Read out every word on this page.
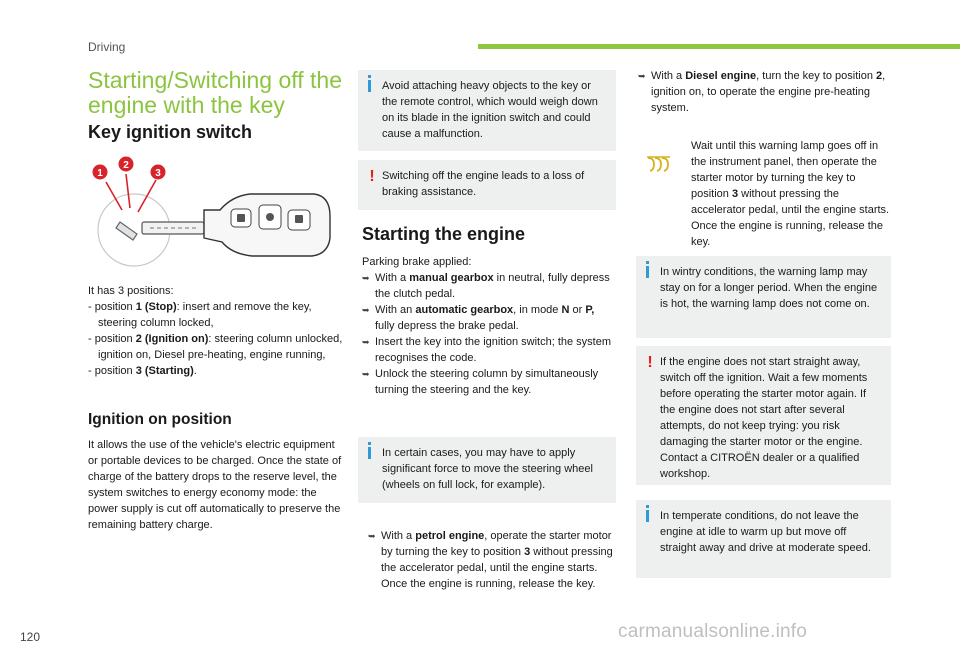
Driving
Starting/Switching off the engine with the key
Key ignition switch
1
2
3
It has 3 positions:
- position 1 (Stop): insert and remove the key, steering column locked,
- position 2 (Ignition on): steering column unlocked, ignition on, Diesel pre-heating, engine running,
- position 3 (Starting).
Ignition on position
It allows the use of the vehicle's electric equipment or portable devices to be charged. Once the state of charge of the battery drops to the reserve level, the system switches to energy economy mode: the power supply is cut off automatically to preserve the remaining battery charge.
Avoid attaching heavy objects to the key or the remote control, which would weigh down on its blade in the ignition switch and could cause a malfunction.
! Switching off the engine leads to a loss of braking assistance.
Starting the engine
Parking brake applied:
➥ With a manual gearbox in neutral, fully depress the clutch pedal.
➥ With an automatic gearbox, in mode N or P, fully depress the brake pedal.
➥ Insert the key into the ignition switch; the system recognises the code.
➥ Unlock the steering column by simultaneously turning the steering and the key.
In certain cases, you may have to apply significant force to move the steering wheel (wheels on full lock, for example).
➥ With a petrol engine, operate the starter motor by turning the key to position 3 without pressing the accelerator pedal, until the engine starts. Once the engine is running, release the key.
➥ With a Diesel engine, turn the key to position 2, ignition on, to operate the engine pre-heating system.
Wait until this warning lamp goes off in the instrument panel, then operate the starter motor by turning the key to position 3 without pressing the accelerator pedal, until the engine starts. Once the engine is running, release the key.
In wintry conditions, the warning lamp may stay on for a longer period. When the engine is hot, the warning lamp does not come on.
! If the engine does not start straight away, switch off the ignition. Wait a few moments before operating the starter motor again. If the engine does not start after several attempts, do not keep trying: you risk damaging the starter motor or the engine. Contact a CITROËN dealer or a qualified workshop.
In temperate conditions, do not leave the engine at idle to warm up but move off straight away and drive at moderate speed.
120	carmanualsonline.info
